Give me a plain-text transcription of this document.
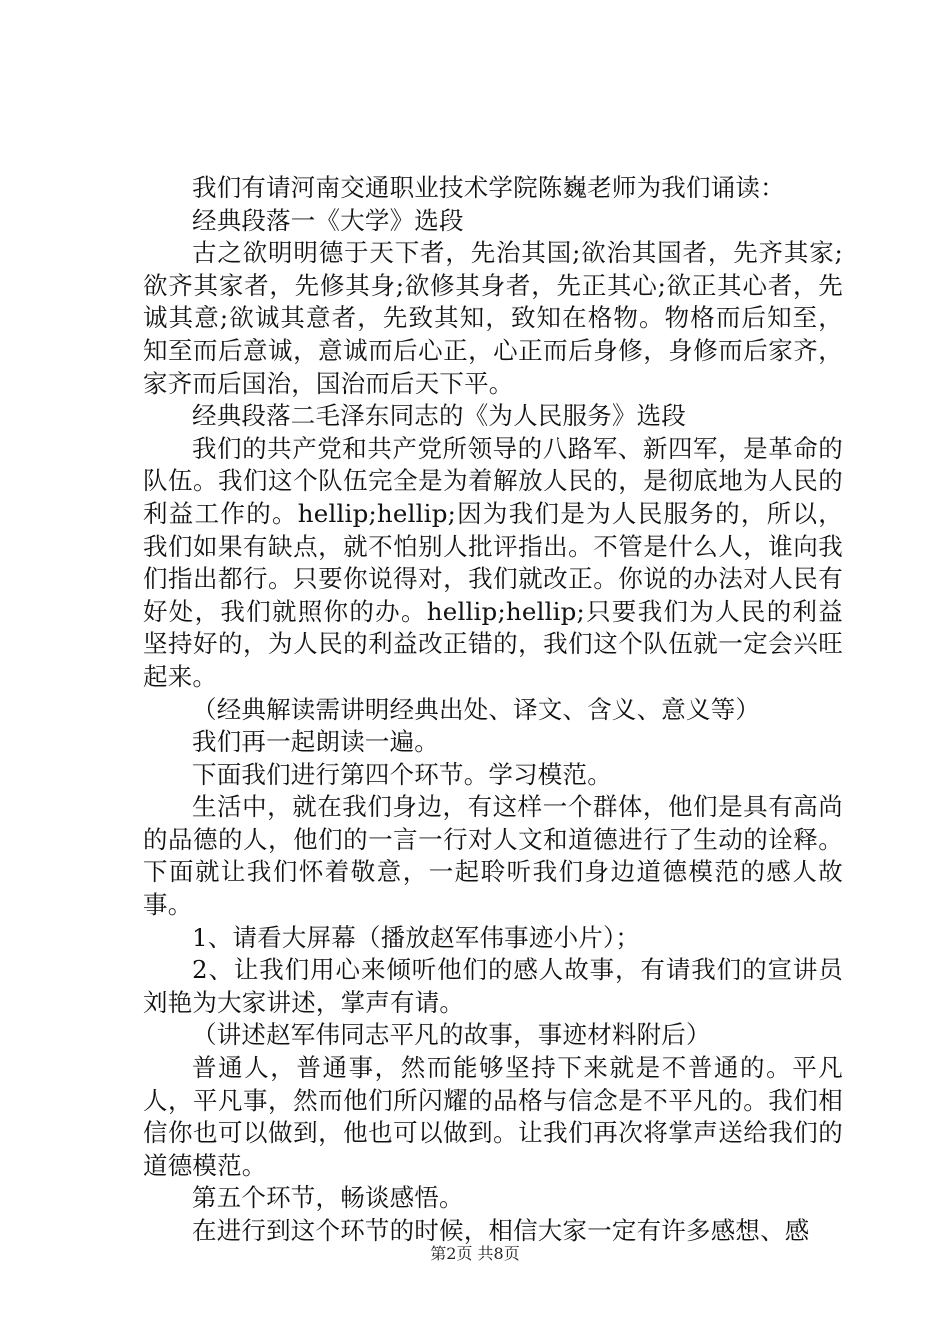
我们有请河南交通职业技术学院陈巍老师为我们诵读：

经典段落一《大学》选段

古之欲明明德于天下者，先治其国;欲治其国者，先齐其家;欲齐其家者，先修其身;欲修其身者，先正其心;欲正其心者，先诚其意;欲诚其意者，先致其知，致知在格物。物格而后知至，知至而后意诚，意诚而后心正，心正而后身修，身修而后家齐，家齐而后国治，国治而后天下平。

经典段落二毛泽东同志的《为人民服务》选段

我们的共产党和共产党所领导的八路军、新四军，是革命的队伍。我们这个队伍完全是为着解放人民的，是彻底地为人民的利益工作的。hellip;hellip;因为我们是为人民服务的，所以，我们如果有缺点，就不怕别人批评指出。不管是什么人，谁向我们指出都行。只要你说得对，我们就改正。你说的办法对人民有好处，我们就照你的办。hellip;hellip;只要我们为人民的利益坚持好的，为人民的利益改正错的，我们这个队伍就一定会兴旺起来。

（经典解读需讲明经典出处、译文、含义、意义等）

我们再一起朗读一遍。

下面我们进行第四个环节。学习模范。

生活中，就在我们身边，有这样一个群体，他们是具有高尚的品德的人，他们的一言一行对人文和道德进行了生动的诠释。下面就让我们怀着敬意，一起聆听我们身边道德模范的感人故事。

1、请看大屏幕（播放赵军伟事迹小片）；

2、让我们用心来倾听他们的感人故事，有请我们的宣讲员刘艳为大家讲述，掌声有请。

（讲述赵军伟同志平凡的故事，事迹材料附后）

普通人，普通事，然而能够坚持下来就是不普通的。平凡人，平凡事，然而他们所闪耀的品格与信念是不平凡的。我们相信你也可以做到，他也可以做到。让我们再次将掌声送给我们的道德模范。

第五个环节，畅谈感悟。

在进行到这个环节的时候，相信大家一定有许多感想、感

第2页 共8页
